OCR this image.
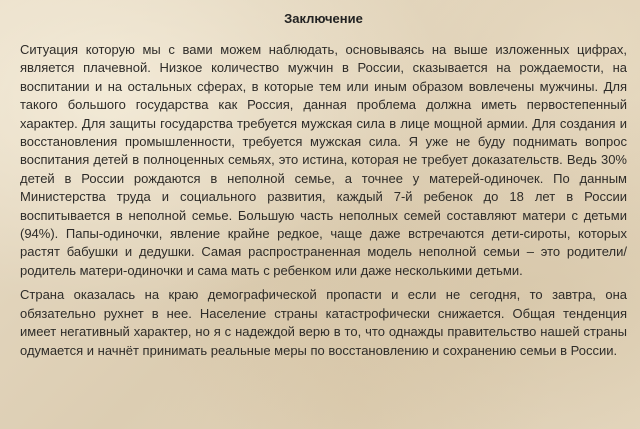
Заключение

Ситуация которую мы с вами можем наблюдать, основываясь на выше изложенных цифрах, является плачевной. Низкое количество мужчин в России, сказывается на рождаемости, на воспитании и на остальных сферах, в которые тем или иным образом вовлечены мужчины. Для такого большого государства как Россия, данная проблема должна иметь первостепенный характер. Для защиты государства требуется мужская сила в лице мощной армии. Для создания и восстановления промышленности, требуется мужская сила. Я уже не буду поднимать вопрос воспитания детей в полноценных семьях, это истина, которая не требует доказательств. Ведь 30% детей в России рождаются в неполной семье, а точнее у матерей-одиночек. По данным Министерства труда и социального развития, каждый 7-й ребенок до 18 лет в России воспитывается в неполной семье. Большую часть неполных семей составляют матери с детьми (94%). Папы-одиночки, явление крайне редкое, чаще даже встречаются дети-сироты, которых растят бабушки и дедушки. Самая распространенная модель неполной семьи – это родители/родитель матери-одиночки и сама мать с ребенком или даже несколькими детьми.

Страна оказалась на краю демографической пропасти и если не сегодня, то завтра, она обязательно рухнет в нее. Население страны катастрофически снижается. Общая тенденция имеет негативный характер, но я с надеждой верю в то, что однажды правительство нашей страны одумается и начнёт принимать реальные меры по восстановлению и сохранению семьи в России.
